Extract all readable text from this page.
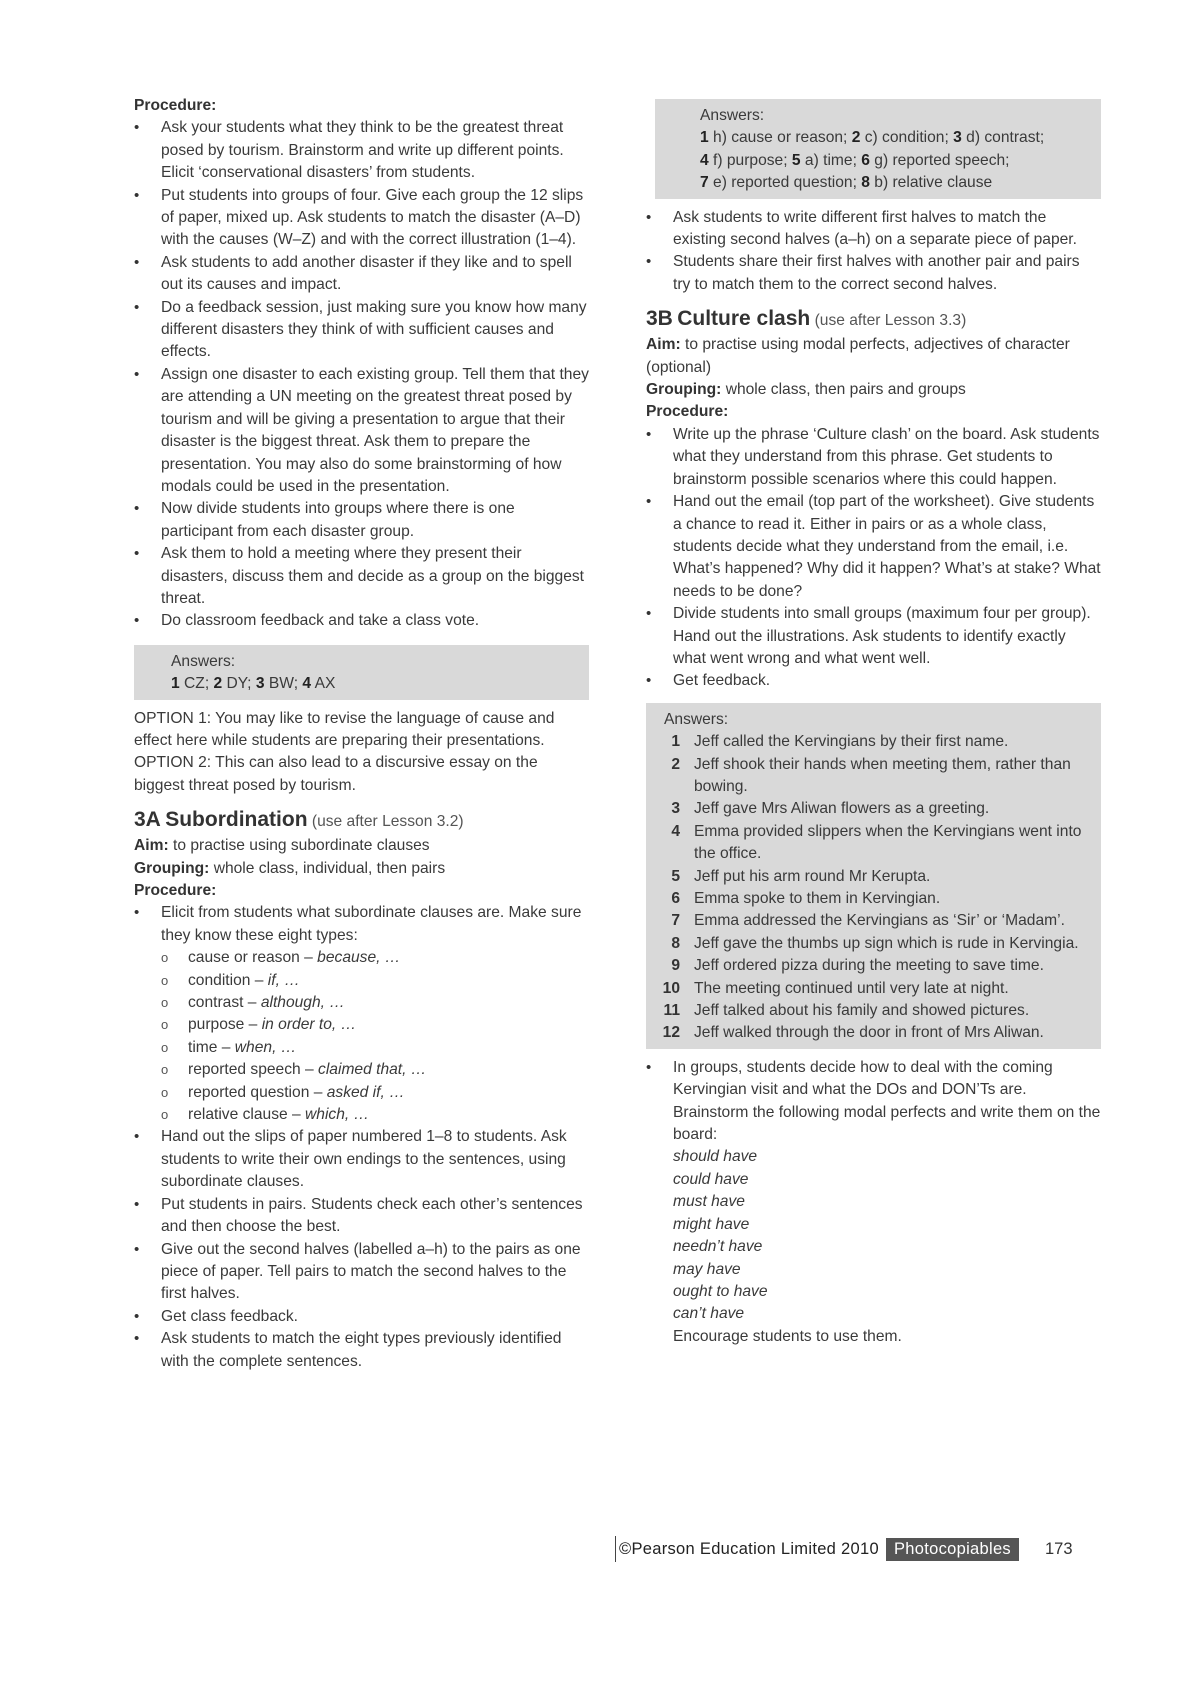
Procedure:
• Ask your students what they think to be the greatest threat posed by tourism. Brainstorm and write up different points. Elicit ‘conservational disasters’ from students.
• Put students into groups of four. Give each group the 12 slips of paper, mixed up. Ask students to match the disaster (A–D) with the causes (W–Z) and with the correct illustration (1–4).
• Ask students to add another disaster if they like and to spell out its causes and impact.
• Do a feedback session, just making sure you know how many different disasters they think of with sufficient causes and effects.
• Assign one disaster to each existing group. Tell them that they are attending a UN meeting on the greatest threat posed by tourism and will be giving a presentation to argue that their disaster is the biggest threat. Ask them to prepare the presentation. You may also do some brainstorming of how modals could be used in the presentation.
• Now divide students into groups where there is one participant from each disaster group.
• Ask them to hold a meeting where they present their disasters, discuss them and decide as a group on the biggest threat.
• Do classroom feedback and take a class vote.
Answers:
1 CZ; 2 DY; 3 BW; 4 AX

OPTION 1: You may like to revise the language of cause and effect here while students are preparing their presentations.

OPTION 2: This can also lead to a discursive essay on the biggest threat posed by tourism.

3A Subordination (use after Lesson 3.2)
Aim: to practise using subordinate clauses
Grouping: whole class, individual, then pairs
Procedure:
• Elicit from students what subordinate clauses are. Make sure they know these eight types:
o cause or reason – because, …
o condition – if, …
o contrast – although, …
o purpose – in order to, …
o time – when, …
o reported speech – claimed that, …
o reported question – asked if, …
o relative clause – which, …
• Hand out the slips of paper numbered 1–8 to students. Ask students to write their own endings to the sentences, using subordinate clauses.
• Put students in pairs. Students check each other’s sentences and then choose the best.
• Give out the second halves (labelled a–h) to the pairs as one piece of paper. Tell pairs to match the second halves to the first halves.
• Get class feedback.
• Ask students to match the eight types previously identified with the complete sentences.
Answers:
1 h) cause or reason; 2 c) condition; 3 d) contrast;
4 f) purpose; 5 a) time; 6 g) reported speech;
7 e) reported question; 8 b) relative clause
• Ask students to write different first halves to match the existing second halves (a–h) on a separate piece of paper.
• Students share their first halves with another pair and pairs try to match them to the correct second halves.
3B Culture clash (use after Lesson 3.3)
Aim: to practise using modal perfects, adjectives of character (optional)
Grouping: whole class, then pairs and groups
Procedure:
• Write up the phrase ‘Culture clash’ on the board. Ask students what they understand from this phrase. Get students to brainstorm possible scenarios where this could happen.
• Hand out the email (top part of the worksheet). Give students a chance to read it. Either in pairs or as a whole class, students decide what they understand from the email, i.e. What’s happened? Why did it happen? What’s at stake? What needs to be done?
• Divide students into small groups (maximum four per group). Hand out the illustrations. Ask students to identify exactly what went wrong and what went well.
• Get feedback.
Answers:
1 Jeff called the Kervingians by their first name.
2 Jeff shook their hands when meeting them, rather than bowing.
3 Jeff gave Mrs Aliwan flowers as a greeting.
4 Emma provided slippers when the Kervingians went into the office.
5 Jeff put his arm round Mr Kerupta.
6 Emma spoke to them in Kervingian.
7 Emma addressed the Kervingians as ‘Sir’ or ‘Madam’.
8 Jeff gave the thumbs up sign which is rude in Kervingia.
9 Jeff ordered pizza during the meeting to save time.
10 The meeting continued until very late at night.
11 Jeff talked about his family and showed pictures.
12 Jeff walked through the door in front of Mrs Aliwan.
• In groups, students decide how to deal with the coming Kervingian visit and what the DOs and DON’Ts are. Brainstorm the following modal perfects and write them on the board:
should have
could have
must have
might have
needn’t have
may have
ought to have
can’t have
Encourage students to use them.
©Pearson Education Limited 2010 Photocopiables	173
